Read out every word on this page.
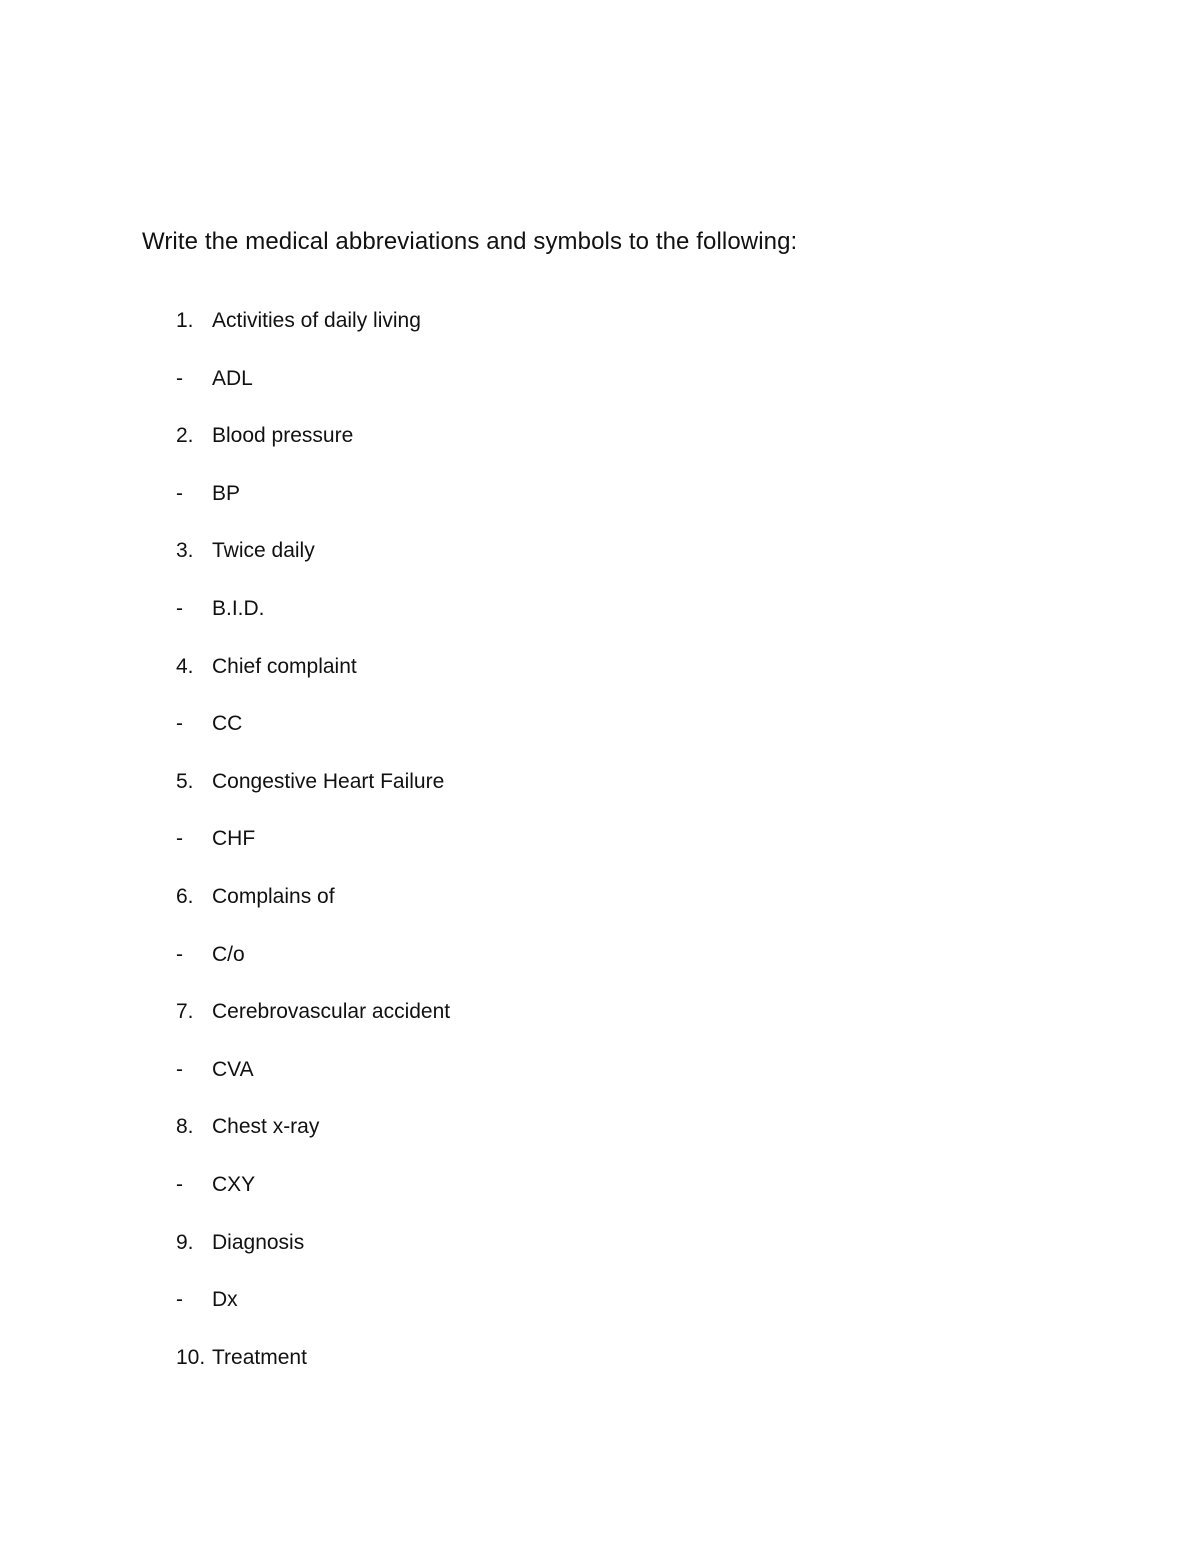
Write the medical abbreviations and symbols to the following:
1. Activities of daily living
-	ADL
2. Blood pressure
-	BP
3. Twice daily
-	B.I.D.
4. Chief complaint
-	CC
5. Congestive Heart Failure
-	CHF
6. Complains of
-	C/o
7. Cerebrovascular accident
-	CVA
8. Chest x-ray
-	CXY
9. Diagnosis
-	Dx
10. Treatment
